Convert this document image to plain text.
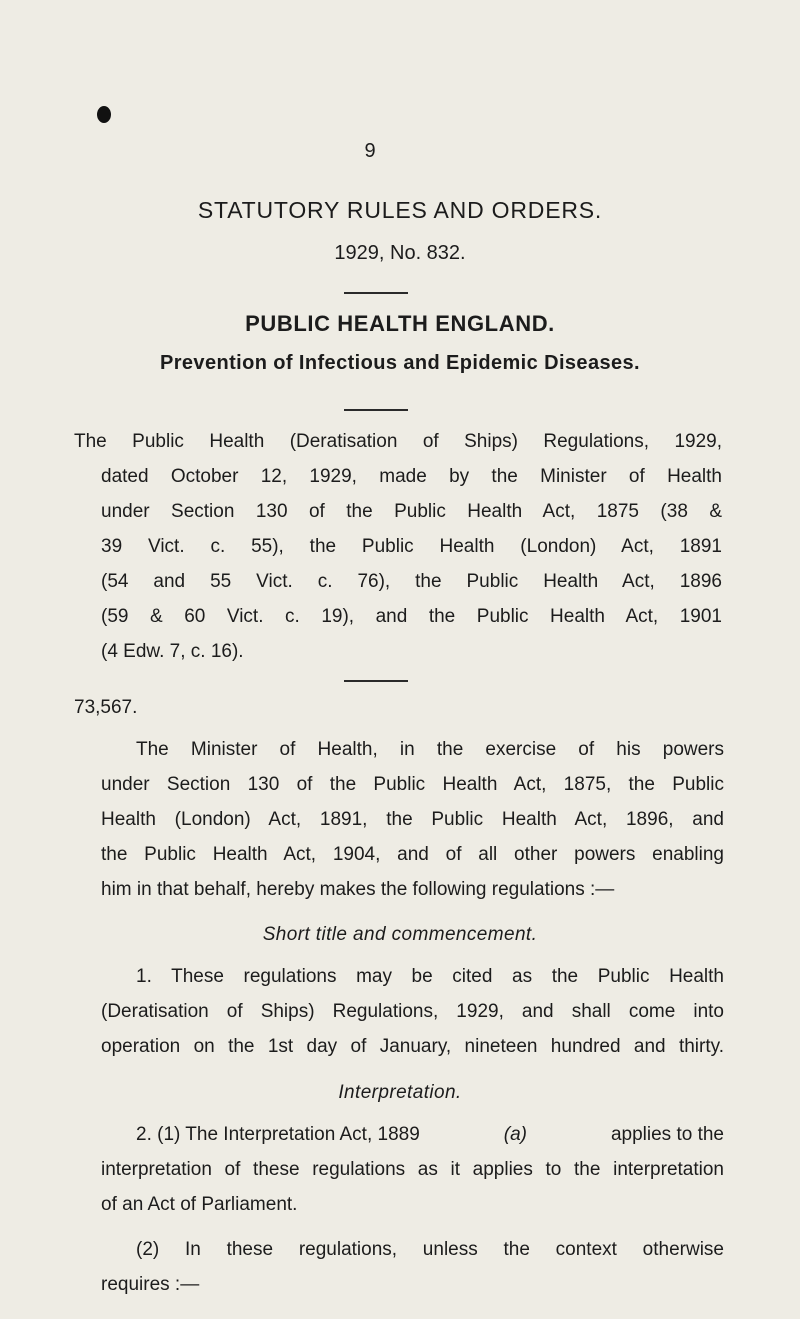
9
STATUTORY RULES AND ORDERS.
1929, No. 832.
PUBLIC HEALTH ENGLAND.
Prevention of Infectious and Epidemic Diseases.
The Public Health (Deratisation of Ships) Regulations, 1929,
dated October 12, 1929, made by the Minister of Health
under Section 130 of the Public Health Act, 1875 (38 &
39 Vict. c. 55), the Public Health (London) Act, 1891
(54 and 55 Vict. c. 76), the Public Health Act, 1896
(59 & 60 Vict. c. 19), and the Public Health Act, 1901
(4 Edw. 7, c. 16).
73,567.
The Minister of Health, in the exercise of his powers
under Section 130 of the Public Health Act, 1875, the Public
Health (London) Act, 1891, the Public Health Act, 1896, and
the Public Health Act, 1904, and of all other powers enabling
him in that behalf, hereby makes the following regulations :—
Short title and commencement.
1. These regulations may be cited as the Public Health
(Deratisation of Ships) Regulations, 1929, and shall come into
operation on the 1st day of January, nineteen hundred and thirty.
Interpretation.
2. (1) The Interpretation Act, 1889	(a)	applies to the
interpretation of these regulations as it applies to the interpretation
of an Act of Parliament.
(2) In these regulations, unless the context otherwise
requires :—
